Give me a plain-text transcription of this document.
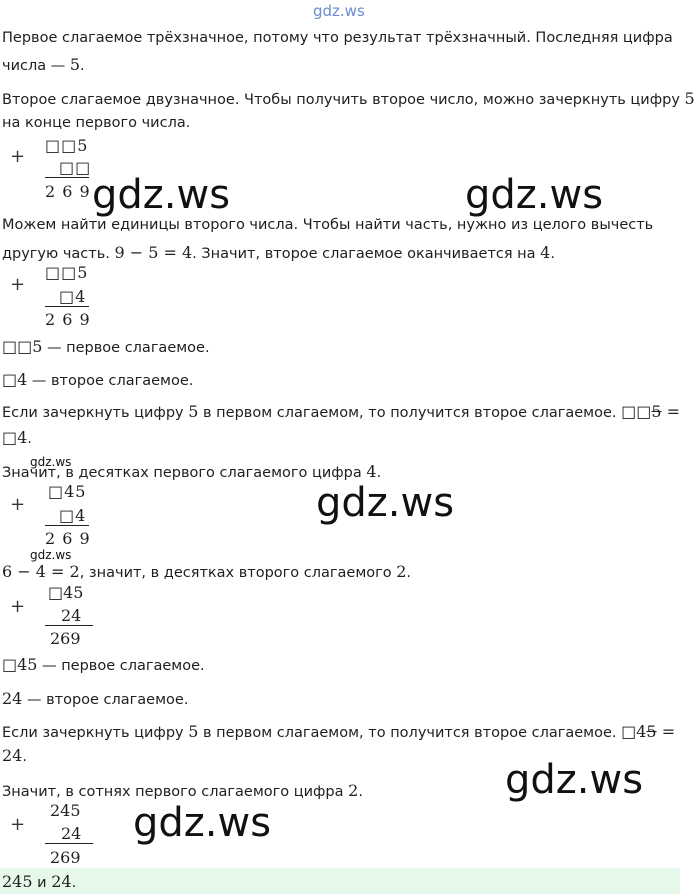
gdz.ws
Первое слагаемое трёхзначное, потому что результат трёхзначный. Последняя цифра
числа — 5.
Второе слагаемое двузначное. Чтобы получить второе число, можно зачеркнуть цифру 5
на конце первого числа.
+
□□5
□□
2 6 9
Можем найти единицы второго числа. Чтобы найти часть, нужно из целого вычесть
другую часть. 9 − 5 = 4. Значит, второе слагаемое оканчивается на 4.
+
□□5
□4
2 6 9
□□5 — первое слагаемое.
□4 — второе слагаемое.
Если зачеркнуть цифру 5 в первом слагаемом, то получится второе слагаемое. □□5 =
□4.
Значит, в десятках первого слагаемого цифра 4.
+
□45
□4
2 6 9
6 − 4 = 2, значит, в десятках второго слагаемого 2.
+
□45
24
269
□45 — первое слагаемое.
24 — второе слагаемое.
Если зачеркнуть цифру 5 в первом слагаемом, то получится второе слагаемое. □45 =
24.
Значит, в сотнях первого слагаемого цифра 2.
+
245
24
269
245 и 24.
gdz.ws	gdz.ws
gdz.ws
gdz.ws
gdz.ws
gdz.ws
gdz.ws
